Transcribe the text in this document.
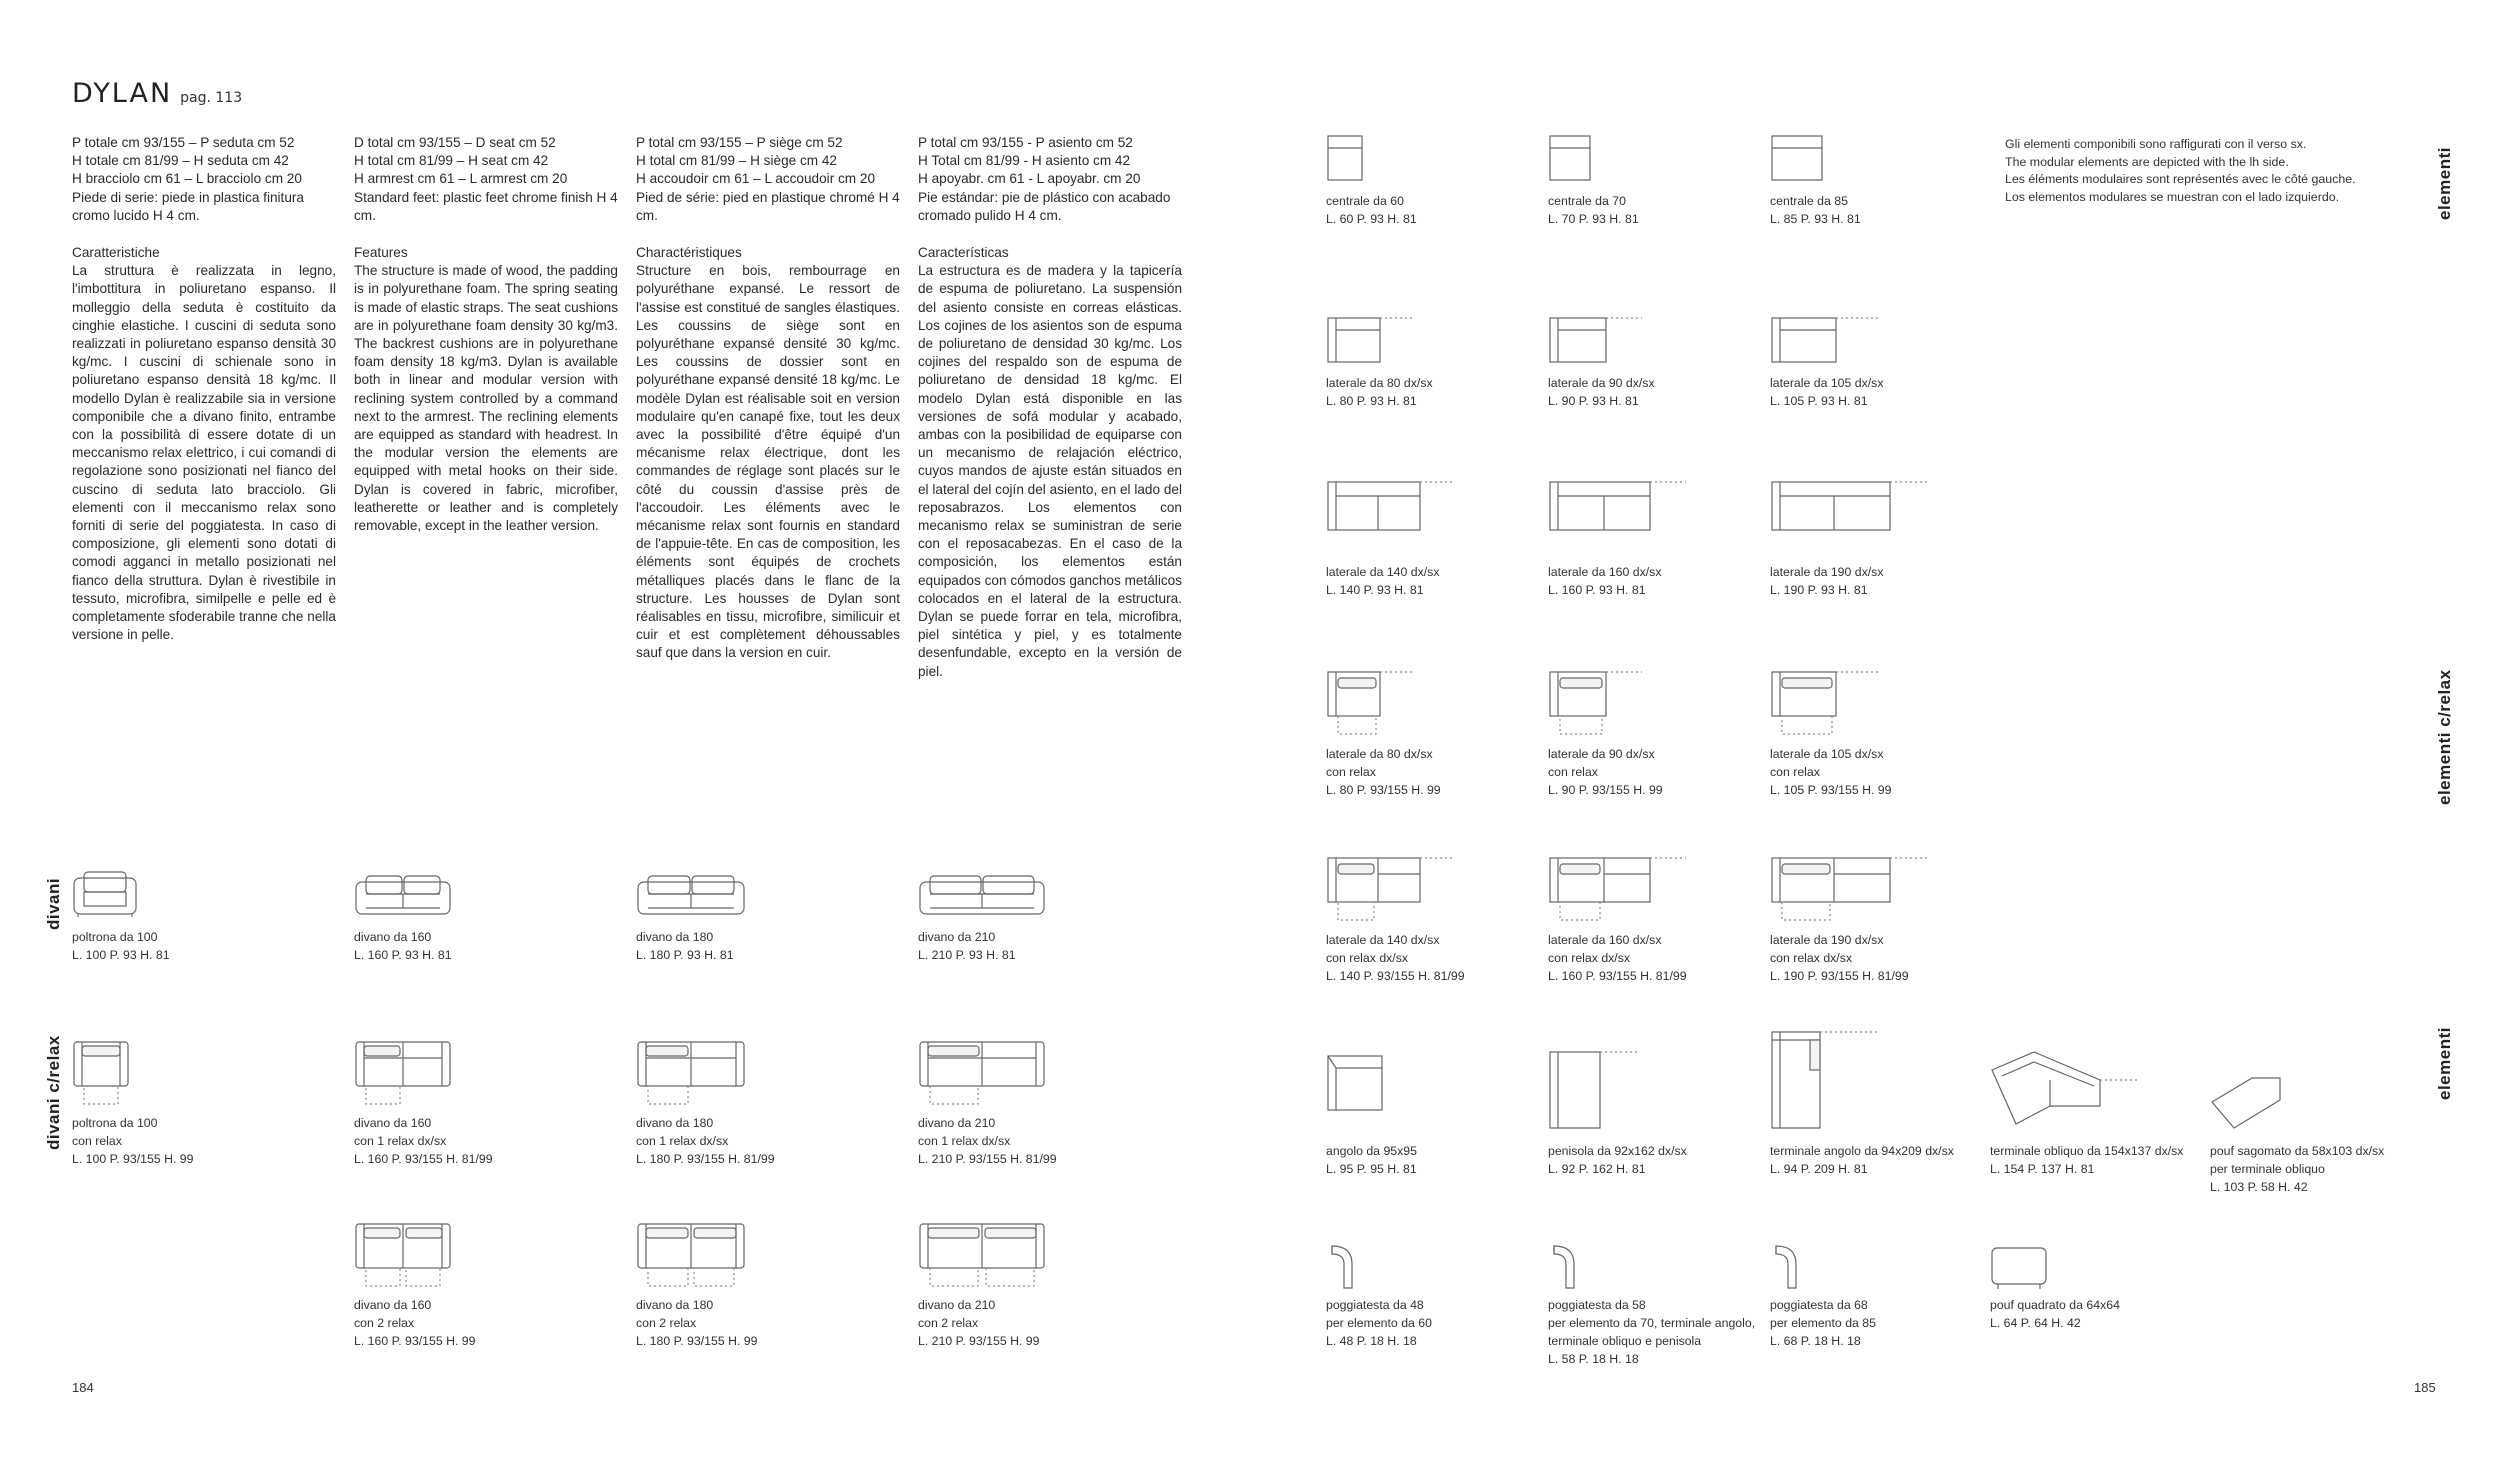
DYLAN pag. 113
P totale cm 93/155 – P seduta cm 52
H totale cm 81/99 – H seduta cm 42
H bracciolo cm 61 – L bracciolo cm 20
Piede di serie: piede in plastica finitura cromo lucido H 4 cm.
Caratteristiche
La struttura è realizzata in legno, l'imbottitura in poliuretano espanso. Il molleggio della seduta è costituito da cinghie elastiche. I cuscini di seduta sono realizzati in poliuretano espanso densità 30 kg/mc. I cuscini di schienale sono in poliuretano espanso densità 18 kg/mc. Il modello Dylan è realizzabile sia in versione componibile che a divano finito, entrambe con la possibilità di essere dotate di un meccanismo relax elettrico, i cui comandi di regolazione sono posizionati nel fianco del cuscino di seduta lato bracciolo. Gli elementi con il meccanismo relax sono forniti di serie del poggiatesta. In caso di composizione, gli elementi sono dotati di comodi agganci in metallo posizionati nel fianco della struttura. Dylan è rivestibile in tessuto, microfibra, similpelle e pelle ed è completamente sfoderabile tranne che nella versione in pelle.
D total cm 93/155 – D seat cm 52
H total cm 81/99 – H seat cm 42
H armrest cm 61 – L armrest cm 20
Standard feet: plastic feet chrome finish H 4 cm.
Features
The structure is made of wood, the padding is in polyurethane foam. The spring seating is made of elastic straps. The seat cushions are in polyurethane foam density 30 kg/m3. The backrest cushions are in polyurethane foam density 18 kg/m3. Dylan is available both in linear and modular version with reclining system controlled by a command next to the armrest. The reclining elements are equipped as standard with headrest. In the modular version the elements are equipped with metal hooks on their side. Dylan is covered in fabric, microfiber, leatherette or leather and is completely removable, except in the leather version.
P total cm 93/155 – P siège cm 52
H total cm 81/99 – H siège cm 42
H accoudoir cm 61 – L accoudoir cm 20
Pied de série: pied en plastique chromé H 4 cm.
Charactéristiques
Structure en bois, rembourrage en polyuréthane expansé. Le ressort de l'assise est constitué de sangles élastiques. Les coussins de siège sont en polyuréthane expansé densité 30 kg/mc. Les coussins de dossier sont en polyuréthane expansé densité 18 kg/mc. Le modèle Dylan est réalisable soit en version modulaire qu'en canapé fixe, tout les deux avec la possibilité d'être équipé d'un mécanisme relax électrique, dont les commandes de réglage sont placés sur le côté du coussin d'assise près de l'accoudoir. Les éléments avec le mécanisme relax sont fournis en standard de l'appuie-tête. En cas de composition, les éléments sont équipés de crochets métalliques placés dans le flanc de la structure. Les housses de Dylan sont réalisables en tissu, microfibre, similicuir et cuir et est complètement déhoussables sauf que dans la version en cuir.
P total cm 93/155 - P asiento cm 52
H Total cm 81/99 - H asiento cm 42
H apoyabr. cm 61 - L apoyabr. cm 20
Pie estándar: pie de plástico con acabado cromado pulido H 4 cm.
Características
La estructura es de madera y la tapicería de espuma de poliuretano. La suspensión del asiento consiste en correas elásticas. Los cojines de los asientos son de espuma de poliuretano de densidad 30 kg/mc. Los cojines del respaldo son de espuma de poliuretano de densidad 18 kg/mc. El modelo Dylan está disponible en las versiones de sofá modular y acabado, ambas con la posibilidad de equiparse con un mecanismo de relajación eléctrico, cuyos mandos de ajuste están situados en el lateral del cojín del asiento, en el lado del reposabrazos. Los elementos con mecanismo relax se suministran de serie con el reposacabezas. En el caso de la composición, los elementos están equipados con cómodos ganchos metálicos colocados en el lateral de la estructura. Dylan se puede forrar en tela, microfibra, piel sintética y piel, y es totalmente desenfundable, excepto en la versión de piel.
divani
divani c/relax
elementi
elementi c/relax
elementi
poltrona da 100
L. 100 P. 93 H. 81
divano da 160
L. 160 P. 93 H. 81
divano da 180
L. 180 P. 93 H. 81
divano da 210
L. 210 P. 93 H. 81
poltrona da 100
con relax
L. 100 P. 93/155 H. 99
divano da 160
con 1 relax dx/sx
L. 160 P. 93/155 H. 81/99
divano da 180
con 1 relax dx/sx
L. 180 P. 93/155 H. 81/99
divano da 210
con 1 relax dx/sx
L. 210 P. 93/155 H. 81/99
divano da 160
con 2 relax
L. 160 P. 93/155 H. 99
divano da 180
con 2 relax
L. 180 P. 93/155 H. 99
divano da 210
con 2 relax
L. 210 P. 93/155 H. 99
centrale da 60
L. 60 P. 93 H. 81
centrale da 70
L. 70 P. 93 H. 81
centrale da 85
L. 85 P. 93 H. 81
Gli elementi componibili sono raffigurati con il verso sx.
The modular elements are depicted with the lh side.
Les éléments modulaires sont représentés avec le côté gauche.
Los elementos modulares se muestran con el lado izquierdo.
laterale da 80 dx/sx
L. 80 P. 93 H. 81
laterale da 90 dx/sx
L. 90 P. 93 H. 81
laterale da 105 dx/sx
L. 105 P. 93 H. 81
laterale da 140 dx/sx
L. 140 P. 93 H. 81
laterale da 160 dx/sx
L. 160 P. 93 H. 81
laterale da 190 dx/sx
L. 190 P. 93 H. 81
laterale da 80 dx/sx
con relax
L. 80 P. 93/155 H. 99
laterale da 90 dx/sx
con relax
L. 90 P. 93/155 H. 99
laterale da 105 dx/sx
con relax
L. 105 P. 93/155 H. 99
laterale da 140 dx/sx
con relax dx/sx
L. 140 P. 93/155 H. 81/99
laterale da 160 dx/sx
con relax dx/sx
L. 160 P. 93/155 H. 81/99
laterale da 190 dx/sx
con relax dx/sx
L. 190 P. 93/155 H. 81/99
angolo da 95x95
L. 95 P. 95 H. 81
penisola da 92x162 dx/sx
L. 92 P. 162 H. 81
terminale angolo da 94x209 dx/sx
L. 94 P. 209 H. 81
terminale obliquo da 154x137 dx/sx
L. 154 P. 137 H. 81
pouf sagomato da 58x103 dx/sx
per terminale obliquo
L. 103 P. 58 H. 42
poggiatesta da 48
per elemento da 60
L. 48 P. 18 H. 18
poggiatesta da 58
per elemento da 70, terminale angolo,
terminale obliquo e penisola
L. 58 P. 18 H. 18
poggiatesta da 68
per elemento da 85
L. 68 P. 18 H. 18
pouf quadrato da 64x64
L. 64 P. 64 H. 42
184	185
